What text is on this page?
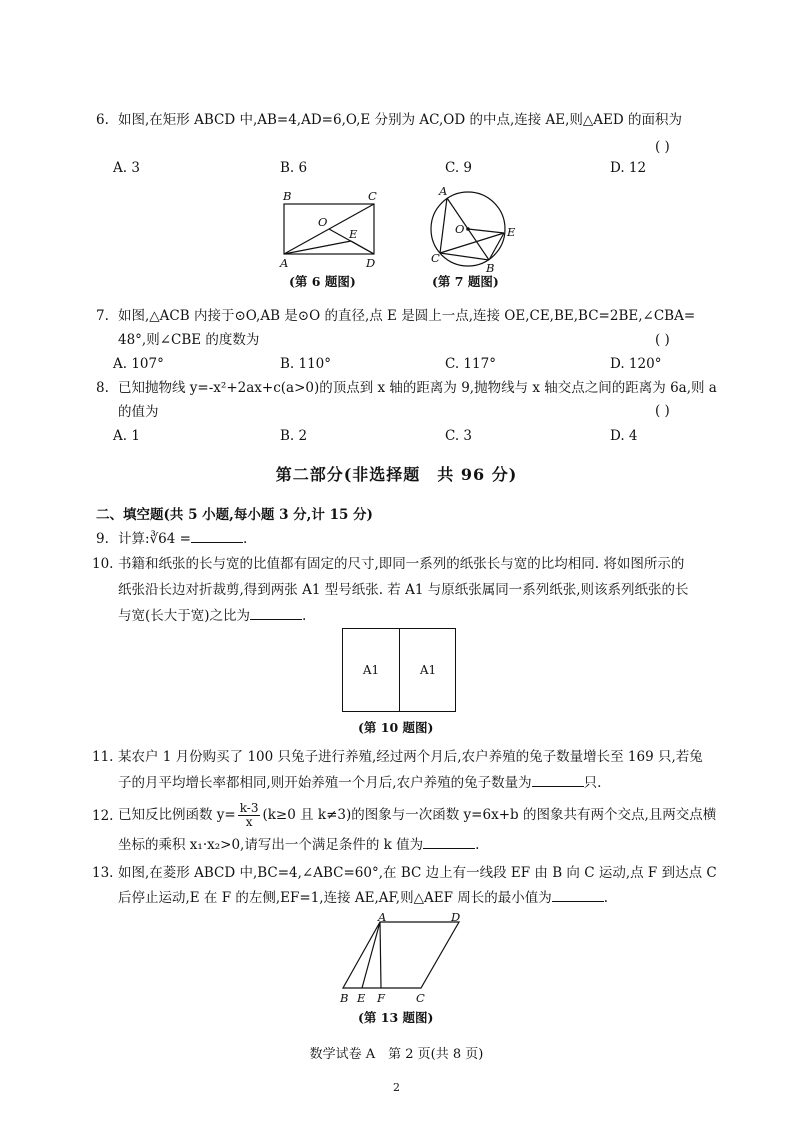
6. 如图,在矩形 ABCD 中,AB=4,AD=6,O,E 分别为 AC,OD 的中点,连接 AE,则△AED 的面积为
( )
A. 3	B. 6	C. 9	D. 12
B	C
O
E
A	D
A
O	E
C
B
A	D
B E F	C
(第 6 题图)	(第 7 题图)
7. 如图,△ACB 内接于⊙O,AB 是⊙O 的直径,点 E 是圆上一点,连接 OE,CE,BE,BC=2BE,∠CBA=
48°,则∠CBE 的度数为	( )
A. 107°	B. 110°	C. 117°	D. 120°
8. 已知抛物线 y=-x²+2ax+c(a>0)的顶点到 x 轴的距离为 9,抛物线与 x 轴交点之间的距离为 6a,则 a
的值为	( )
A. 1	B. 2	C. 3	D. 4
第二部分(非选择题　共 96 分)
二、填空题(共 5 小题,每小题 3 分,计 15 分)
9. 计算:∛64 =	.
10. 书籍和纸张的长与宽的比值都有固定的尺寸,即同一系列的纸张长与宽的比均相同. 将如图所示的
纸张沿长边对折裁剪,得到两张 A1 型号纸张. 若 A1 与原纸张属同一系列纸张,则该系列纸张的长
与宽(长大于宽)之比为	.
A1	A1
(第 10 题图)
11. 某农户 1 月份购买了 100 只兔子进行养殖,经过两个月后,农户养殖的兔子数量增长至 169 只,若兔
子的月平均增长率都相同,则开始养殖一个月后,农户养殖的兔子数量为	只.
12. 已知反比例函数 $y= \frac{k-3}{x} (k\ge 0$ 且 k≠3)的图象与一次函数 y=6x+b 的图象共有两个交点,且两交点横
坐标的乘积 x₁·x₂>0,请写出一个满足条件的 k 值为	.
13. 如图,在菱形 ABCD 中,BC=4,∠ABC=60°,在 BC 边上有一线段 EF 由 B 向 C 运动,点 F 到达点 C
后停止运动,E 在 F 的左侧,EF=1,连接 AE,AF,则△AEF 周长的最小值为	.
(第 13 题图)
数学试卷 A　第 2 页(共 8 页)
2
